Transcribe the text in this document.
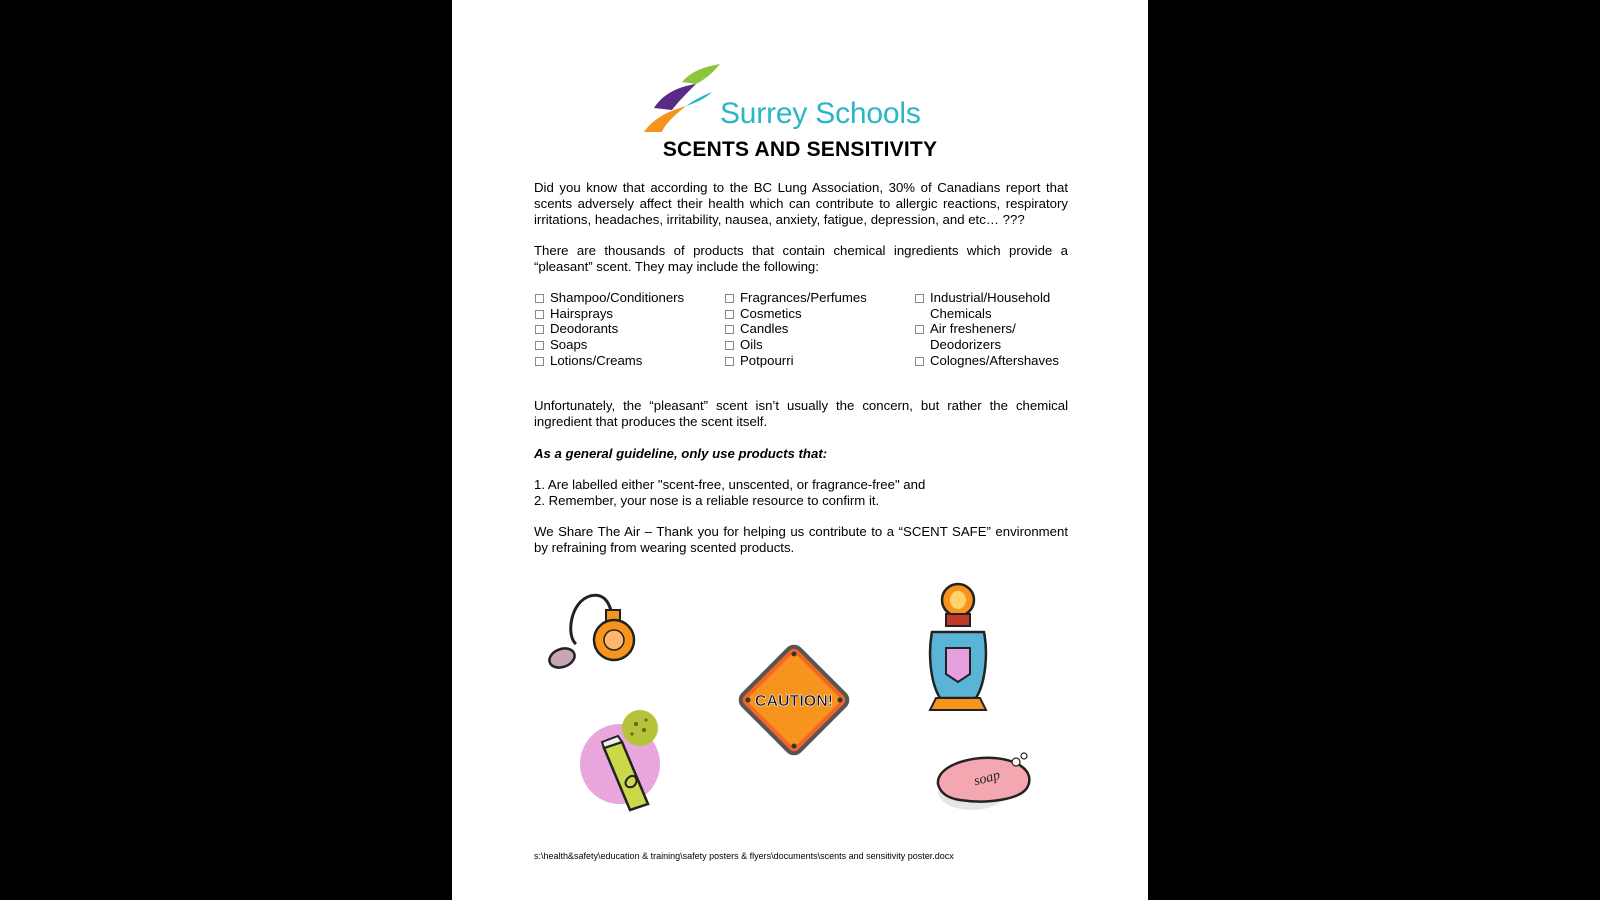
Surrey Schools
SCENTS AND SENSITIVITY
Did you know that according to the BC Lung Association, 30% of Canadians report that scents adversely affect their health which can contribute to allergic reactions, respiratory irritations, headaches, irritability, nausea, anxiety, fatigue, depression, and etc… ???
There are thousands of products that contain chemical ingredients which provide a “pleasant” scent. They may include the following:
Shampoo/Conditioners
Hairsprays
Deodorants
Soaps
Lotions/Creams
Fragrances/Perfumes
Cosmetics
Candles
Oils
Potpourri
Industrial/Household
Chemicals
Air fresheners/
Deodorizers
Colognes/Aftershaves
Unfortunately, the “pleasant” scent isn’t usually the concern, but rather the chemical ingredient that produces the scent itself.
As a general guideline, only use products that:
1. Are labelled either "scent-free, unscented, or fragrance-free" and
2. Remember, your nose is a reliable resource to confirm it.
We Share The Air – Thank you for helping us contribute to a “SCENT SAFE” environment by refraining from wearing scented products.
CAUTION!
soap
s:\health&safety\education & training\safety posters & flyers\documents\scents and sensitivity poster.docx
